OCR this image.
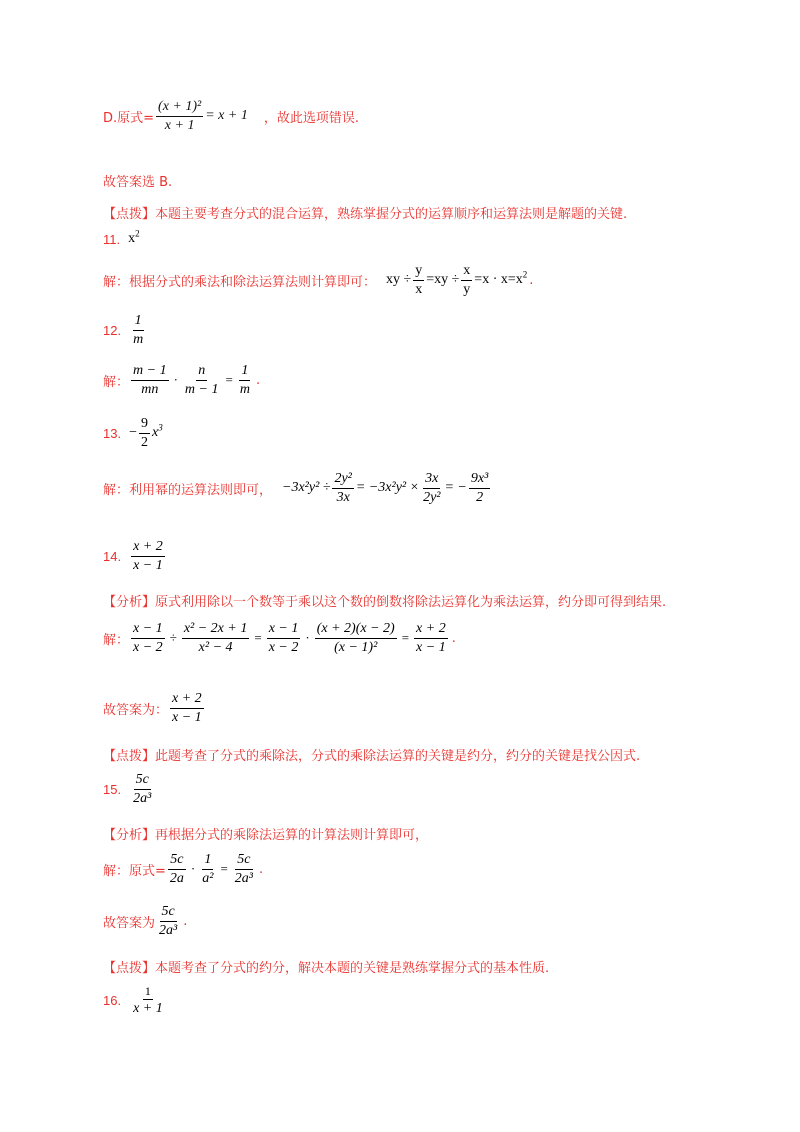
D.原式= $\frac{\text{(x + 1)²}}{x + 1} = x + 1$ ，故此选项错误.
故答案选 B.
【点拨】本题主要考查分式的混合运算，熟练掌握分式的运算顺序和运算法则是解题的关键.
11. $x^2$
解：根据分式的乘法和除法运算法则计算即可： xy ÷ $\frac{y}{x} =xy \div \frac{x}{y} =x \cdot x=x^2$ .
12. $\frac{1}{m}$
解： $\frac{m - 1}{mn} \cdot \frac{n}{m - 1} = \frac{1}{m}$ .
13. − $\frac{9}{2} x^3$
解：利用幂的运算法则即可， $-3x^2y^2 \div \frac{\text{2y²}}{3x} = -3x^2y^2 \times \frac{3x}{\text{2y²}}$ = − $\frac{\text{9x³}}{2}$
14. $\frac{x + 2}{x - 1}$
【分析】原式利用除以一个数等于乘以这个数的倒数将除法运算化为乘法运算，约分即可得到结果.
解： $\frac{x - 1}{x - 2} \div \frac{\text{x² − 2x + 1}}{\text{x² − 4}} = \frac{x - 1}{x - 2} \cdot \frac{(x + 2)(x - 2)}{\text{(x − 1)²}} = \frac{x + 2}{x - 1}$ .
故答案为： $\frac{x + 2}{x - 1}$
【点拨】此题考查了分式的乘除法，分式的乘除法运算的关键是约分，约分的关键是找公因式.
15. $\frac{5c}{\text{2a³}}$
【分析】再根据分式的乘除法运算的计算法则计算即可，
解：原式= $\frac{5c}{2a} \cdot \frac{1}{\text{a²}} = \frac{5c}{\text{2a³}}$ .
故答案为 $\frac{5c}{\text{2a³}}$ .
【点拨】本题考查了分式的约分，解决本题的关键是熟练掌握分式的基本性质.
16. $\frac{1}{x + 1}$
